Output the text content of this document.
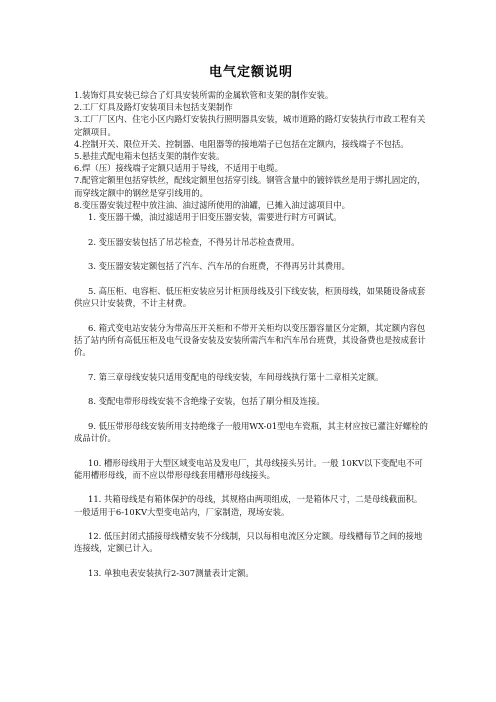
电气定额说明
1.装饰灯具安装已综合了灯具安装所需的金属软管和支架的制作安装。
2.工厂灯具及路灯安装项目未包括支架制作
3.工厂厂区内、住宅小区内路灯安装执行照明器具安装，城市道路的路灯安装执行市政工程有关定额项目。
4.控制开关、限位开关、控制器、电阻器等的接地端子已包括在定额内，接线端子不包括。
5.悬挂式配电箱未包括支架的制作安装。
6.焊（压）接线端子定额只适用于导线，不适用于电缆。
7.配管定额里包括穿铁丝，配线定额里包括穿引线。钢管含量中的镀锌铁丝是用于绑扎固定的，而穿线定额中的钢丝是穿引线用的。
8.变压器安装过程中放注油、油过滤所使用的油罐，已摊入油过滤项目中。
1. 变压器干燥，油过滤适用于旧变压器安装，需要进行时方可调试。
2. 变压器安装包括了吊芯检查，不得另计吊芯检查费用。
3. 变压器安装定额包括了汽车、汽车吊的台班费，不得再另计其费用。
5. 高压柜、电容柜、低压柜安装应另计柜顶母线及引下线安装，柜顶母线，如果随设备成套供应只计安装费，不计主材费。
6. 箱式变电站安装分为带高压开关柜和不带开关柜均以变压器容量区分定额，其定额内容包括了站内所有高低压柜及电气设备安装及安装所需汽车和汽车吊台班费，其设备费也是按成套计价。
7. 第三章母线安装只适用变配电的母线安装，车间母线执行第十二章相关定额。
8. 变配电带形母线安装不含绝缘子安装，包括了刷分相及连接。
9. 低压带形母线安装所用支持绝缘子一般用WX-01型电车瓷瓶，其主材应按已灌注好螺栓的成品计价。
10. 槽形母线用于大型区域变电站及发电厂，其母线接头另计。一般 10KV以下变配电不可能用槽形母线，而不应以带形母线套用槽形母线接头。
11. 共箱母线是有箱体保护的母线，其规格由两项组成，一是箱体尺寸，二是母线截面积。一般适用于6-10KV大型变电站内，厂家制造，现场安装。
12. 低压封闭式插接母线槽安装不分线制，只以每相电流区分定额。母线槽每节之间的接地连接线，定额已计入。
13. 单独电表安装执行2-307测量表计定额。
